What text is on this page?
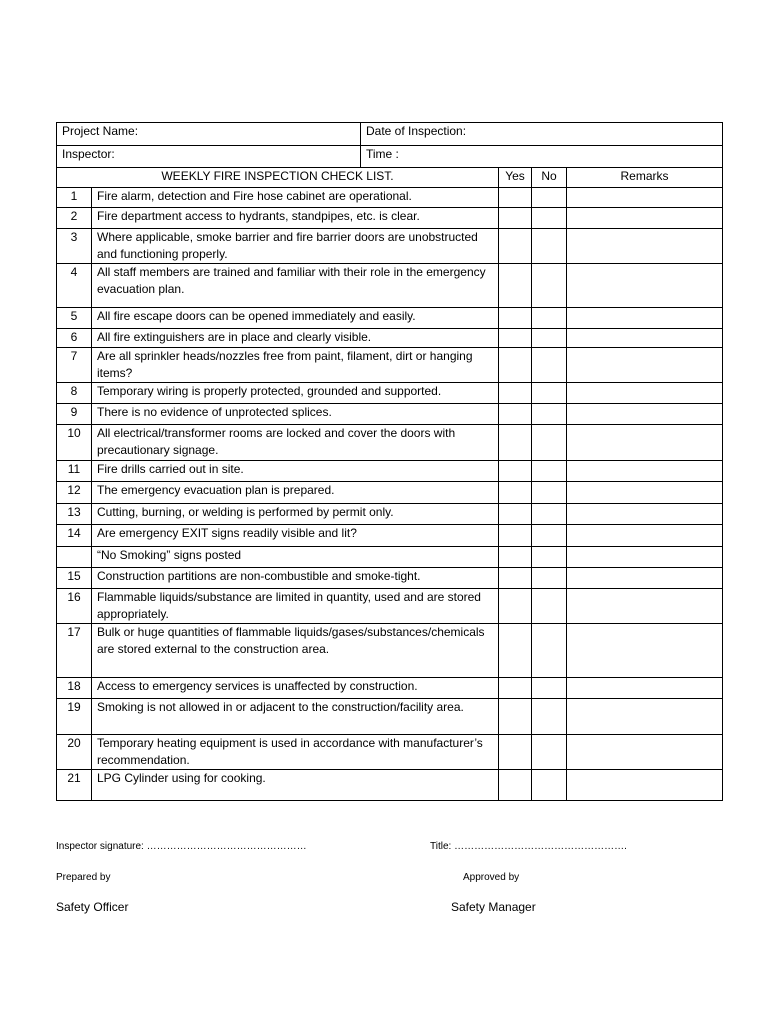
Project Name:		Date of Inspection:			
Inspector:		Time :			
WEEKLY FIRE INSPECTION CHECK LIST.			Yes	No	Remarks
1	Fire alarm, detection and Fire hose cabinet are operational.				
2	Fire department access to hydrants, standpipes, etc. is clear.				
3	Where applicable, smoke barrier and fire barrier doors are unobstructed and functioning properly.				
4	All staff members are trained and familiar with their role in the emergency evacuation plan.				
5	All fire escape doors can be opened immediately and easily.				
6	All fire extinguishers are in place and clearly visible.				
7	Are all sprinkler heads/nozzles free from paint, filament, dirt or hanging items?				
8	Temporary wiring is properly protected, grounded and supported.				
9	There is no evidence of unprotected splices.				
10	All electrical/transformer rooms are locked and cover the doors with precautionary signage.				
11	Fire drills carried out in site.				
12	The emergency evacuation plan is prepared.				
13	Cutting, burning, or welding is performed by permit only.				
14	Are emergency EXIT signs readily visible and lit?				
	“No Smoking” signs posted				
15	Construction partitions are non-combustible and smoke-tight.				
16	Flammable liquids/substance are limited in quantity, used and are stored appropriately.				
17	Bulk or huge quantities of flammable liquids/gases/substances/chemicals are stored external to the construction area.				
18	Access to emergency services is unaffected by construction.				
19	Smoking is not allowed in or adjacent to the construction/facility area.				
20	Temporary heating equipment is used in accordance with manufacturer’s recommendation.				
21	LPG Cylinder using for cooking.				
Inspector signature: …………………………………………	Title: …………………………………………….
Prepared by	Approved by
Safety Officer	Safety Manager
